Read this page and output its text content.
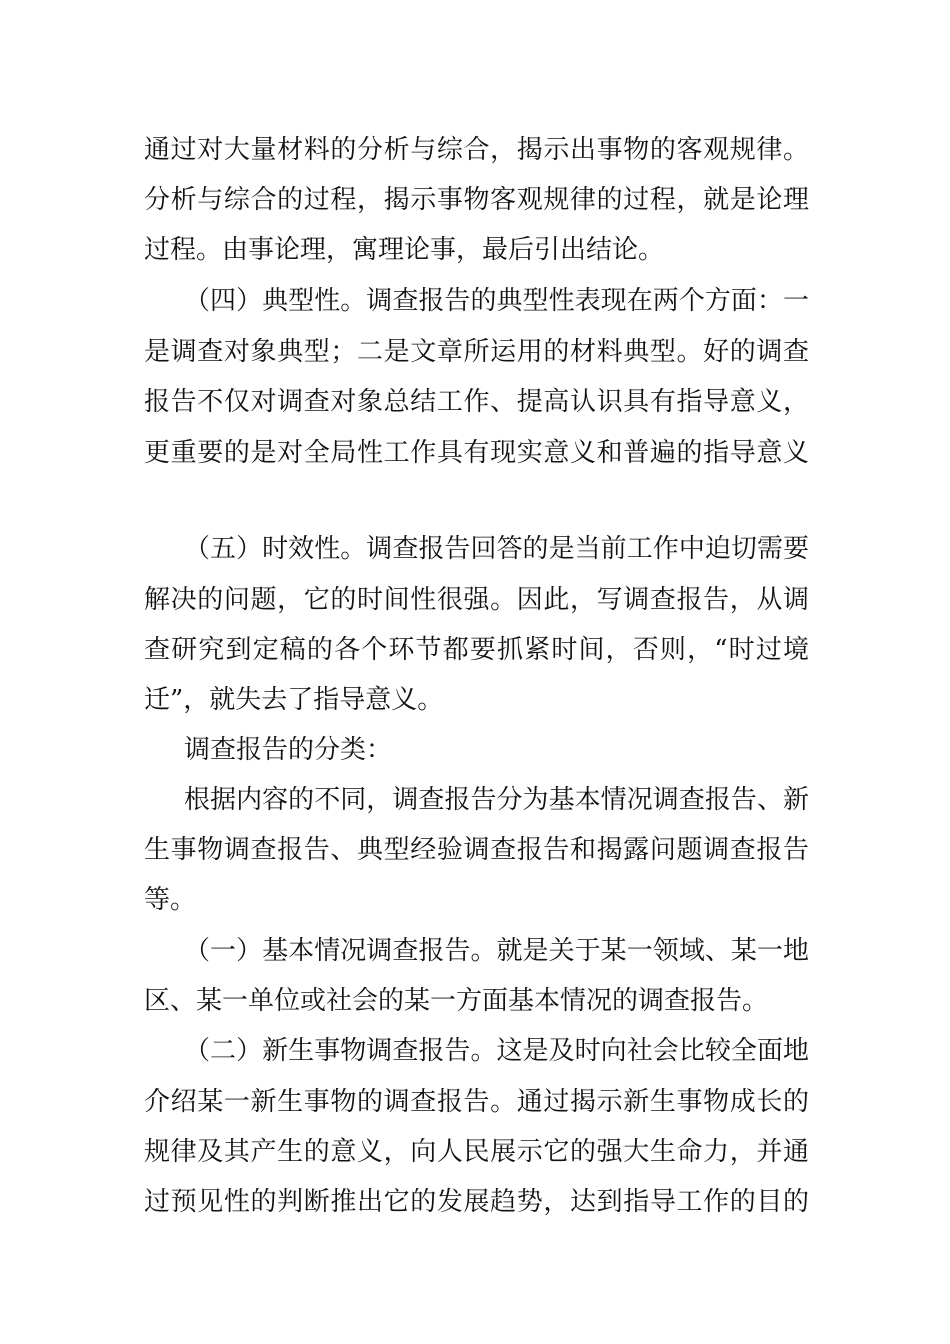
通过对大量材料的分析与综合，揭示出事物的客观规律。
分析与综合的过程，揭示事物客观规律的过程，就是论理
过程。由事论理，寓理论事，最后引出结论。
（四）典型性。调查报告的典型性表现在两个方面：一
是调查对象典型；二是文章所运用的材料典型。好的调查
报告不仅对调查对象总结工作、提高认识具有指导意义，
更重要的是对全局性工作具有现实意义和普遍的指导意义
（五）时效性。调查报告回答的是当前工作中迫切需要
解决的问题，它的时间性很强。因此，写调查报告，从调
查研究到定稿的各个环节都要抓紧时间，否则，“时过境
迁”，就失去了指导意义。
调查报告的分类：
根据内容的不同，调查报告分为基本情况调查报告、新
生事物调查报告、典型经验调查报告和揭露问题调查报告
等。
（一）基本情况调查报告。就是关于某一领域、某一地
区、某一单位或社会的某一方面基本情况的调查报告。
（二）新生事物调查报告。这是及时向社会比较全面地
介绍某一新生事物的调查报告。通过揭示新生事物成长的
规律及其产生的意义，向人民展示它的强大生命力，并通
过预见性的判断推出它的发展趋势，达到指导工作的目的
